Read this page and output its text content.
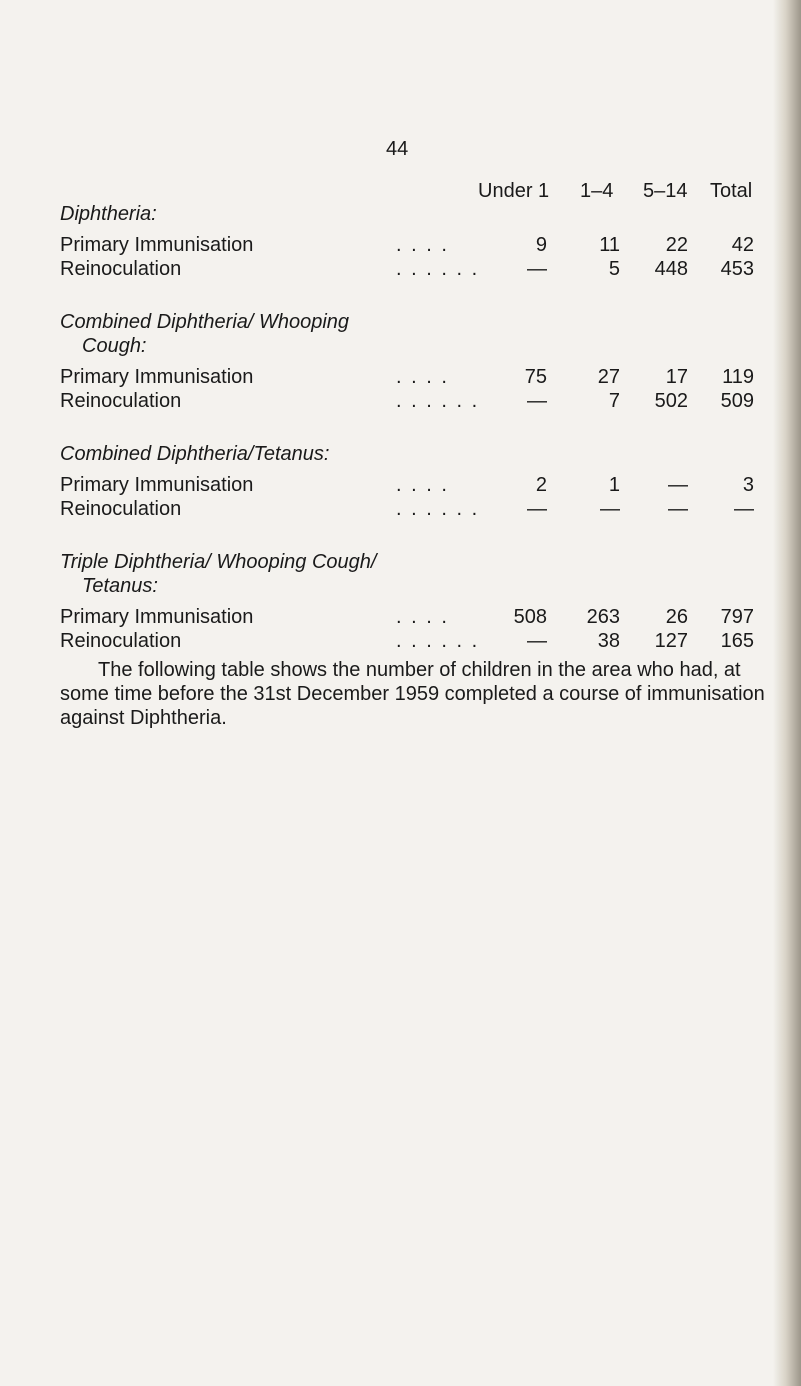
44
Under 1 1–4 5–14 Total
Diphtheria:
Primary Immunisation	. . . .	9	11	22	42
Reinoculation	. . . . . .	—	5	448	453
Combined Diphtheria/ Whooping
Cough:
Primary Immunisation	. . . .	75	27	17	119
Reinoculation	. . . . . .	—	7	502	509
Combined Diphtheria/Tetanus:
Primary Immunisation	. . . .	2	1	—	3
Reinoculation	. . . . . .	—	—	—	—
Triple Diphtheria/ Whooping Cough/
Tetanus:
Primary Immunisation	. . . .	508	263	26	797
Reinoculation	. . . . . .	—	38	127	165
The following table shows the number of children in the area who had, at some time before the 31st December 1959 completed a course of immunisation against Diphtheria.
